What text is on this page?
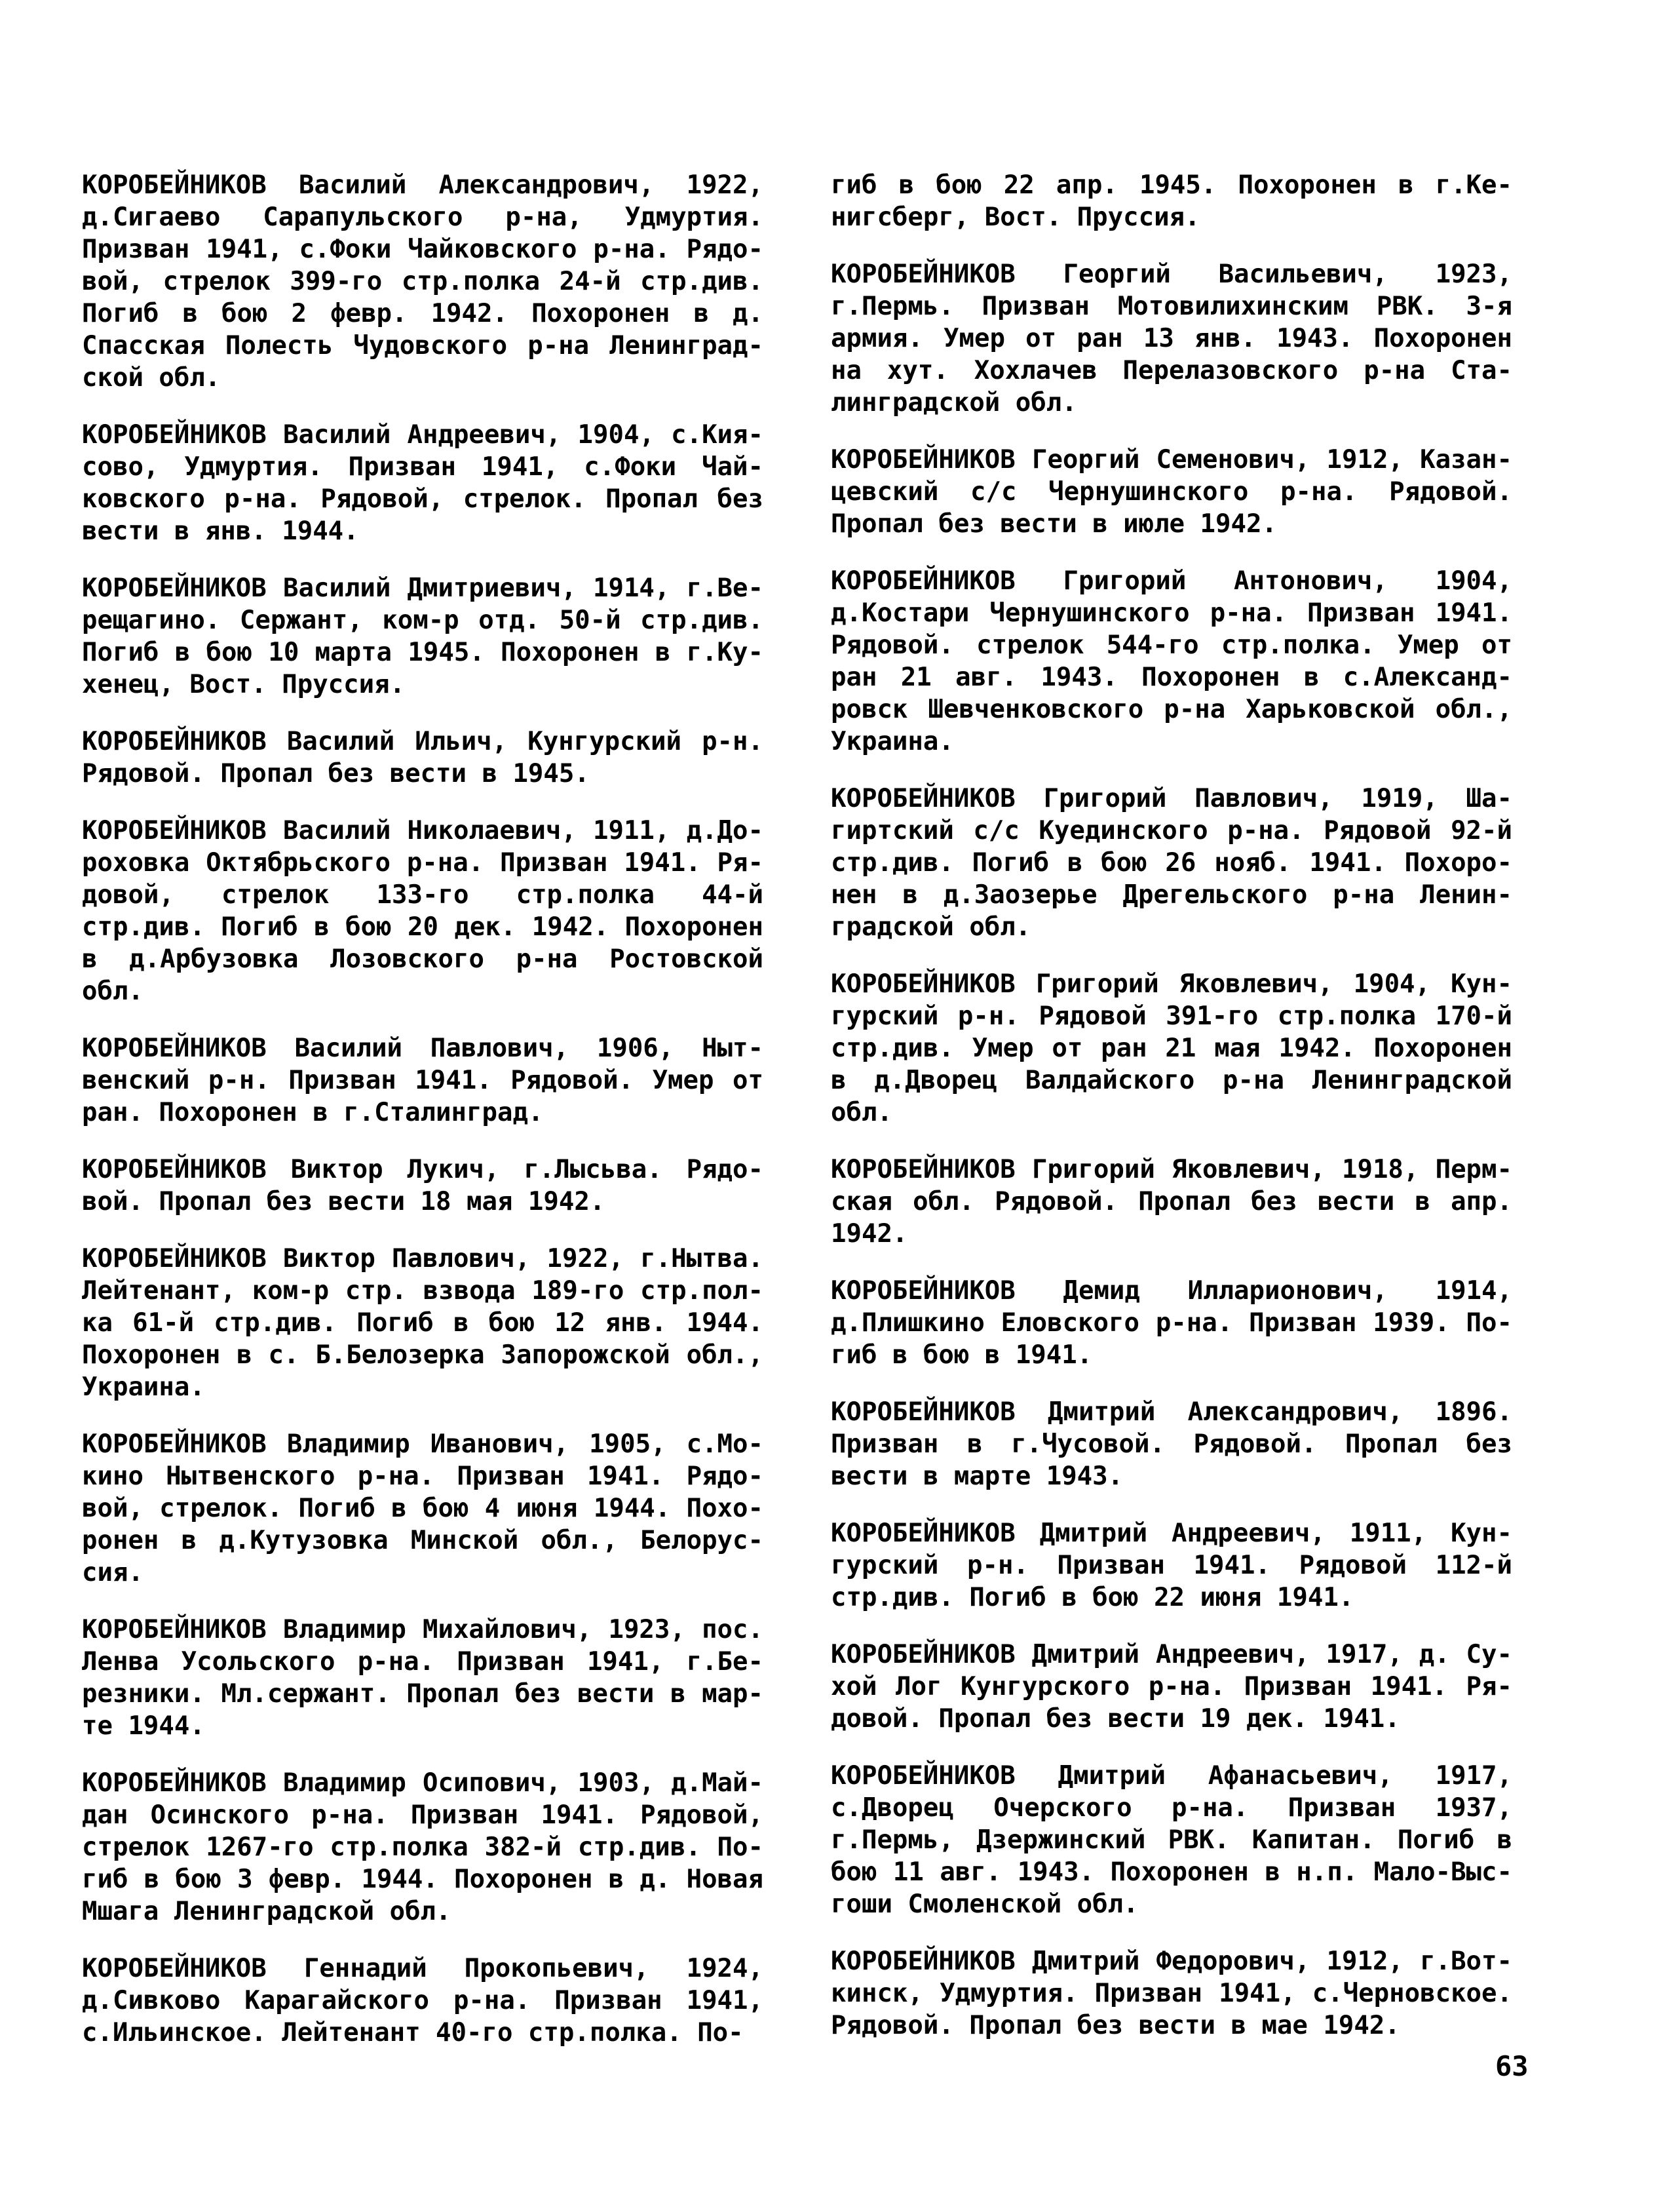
КОРОБЕЙНИКОВ Василий Александрович, 1922,
д.Сигаево Сарапульского р-на, Удмуртия.
Призван 1941, с.Фоки Чайковского р-на. Рядо-
вой, стрелок 399-го стр.полка 24-й стр.див.
Погиб в бою 2 февр. 1942. Похоронен в д.
Спасская Полесть Чудовского р-на Ленинград-
ской обл.
КОРОБЕЙНИКОВ Василий Андреевич, 1904, с.Кия-
сово, Удмуртия. Призван 1941, с.Фоки Чай-
ковского р-на. Рядовой, стрелок. Пропал без
вести в янв. 1944.
КОРОБЕЙНИКОВ Василий Дмитриевич, 1914, г.Ве-
рещагино. Сержант, ком-р отд. 50-й стр.див.
Погиб в бою 10 марта 1945. Похоронен в г.Ку-
хенец, Вост. Пруссия.
КОРОБЕЙНИКОВ Василий Ильич, Кунгурский р-н.
Рядовой. Пропал без вести в 1945.
КОРОБЕЙНИКОВ Василий Николаевич, 1911, д.До-
роховка Октябрьского р-на. Призван 1941. Ря-
довой, стрелок 133-го стр.полка 44-й
стр.див. Погиб в бою 20 дек. 1942. Похоронен
в д.Арбузовка Лозовского р-на Ростовской
обл.
КОРОБЕЙНИКОВ Василий Павлович, 1906, Ныт-
венский р-н. Призван 1941. Рядовой. Умер от
ран. Похоронен в г.Сталинград.
КОРОБЕЙНИКОВ Виктор Лукич, г.Лысьва. Рядо-
вой. Пропал без вести 18 мая 1942.
КОРОБЕЙНИКОВ Виктор Павлович, 1922, г.Нытва.
Лейтенант, ком-р стр. взвода 189-го стр.пол-
ка 61-й стр.див. Погиб в бою 12 янв. 1944.
Похоронен в с. Б.Белозерка Запорожской обл.,
Украина.
КОРОБЕЙНИКОВ Владимир Иванович, 1905, с.Мо-
кино Нытвенского р-на. Призван 1941. Рядо-
вой, стрелок. Погиб в бою 4 июня 1944. Похо-
ронен в д.Кутузовка Минской обл., Белорус-
сия.
КОРОБЕЙНИКОВ Владимир Михайлович, 1923, пос.
Ленва Усольского р-на. Призван 1941, г.Бе-
резники. Мл.сержант. Пропал без вести в мар-
те 1944.
КОРОБЕЙНИКОВ Владимир Осипович, 1903, д.Май-
дан Осинского р-на. Призван 1941. Рядовой,
стрелок 1267-го стр.полка 382-й стр.див. По-
гиб в бою 3 февр. 1944. Похоронен в д. Новая
Мшага Ленинградской обл.
КОРОБЕЙНИКОВ Геннадий Прокопьевич, 1924,
д.Сивково Карагайского р-на. Призван 1941,
с.Ильинское. Лейтенант 40-го стр.полка. По-
гиб в бою 22 апр. 1945. Похоронен в г.Ке-
нигсберг, Вост. Пруссия.
КОРОБЕЙНИКОВ Георгий Васильевич, 1923,
г.Пермь. Призван Мотовилихинским РВК. 3-я
армия. Умер от ран 13 янв. 1943. Похоронен
на хут. Хохлачев Перелазовского р-на Ста-
линградской обл.
КОРОБЕЙНИКОВ Георгий Семенович, 1912, Казан-
цевский с/с Чернушинского р-на. Рядовой.
Пропал без вести в июле 1942.
КОРОБЕЙНИКОВ Григорий Антонович, 1904,
д.Костари Чернушинского р-на. Призван 1941.
Рядовой. стрелок 544-го стр.полка. Умер от
ран 21 авг. 1943. Похоронен в с.Александ-
ровск Шевченковского р-на Харьковской обл.,
Украина.
КОРОБЕЙНИКОВ Григорий Павлович, 1919, Ша-
гиртский с/с Куединского р-на. Рядовой 92-й
стр.див. Погиб в бою 26 нояб. 1941. Похоро-
нен в д.Заозерье Дрегельского р-на Ленин-
градской обл.
КОРОБЕЙНИКОВ Григорий Яковлевич, 1904, Кун-
гурский р-н. Рядовой 391-го стр.полка 170-й
стр.див. Умер от ран 21 мая 1942. Похоронен
в д.Дворец Валдайского р-на Ленинградской
обл.
КОРОБЕЙНИКОВ Григорий Яковлевич, 1918, Перм-
ская обл. Рядовой. Пропал без вести в апр.
1942.
КОРОБЕЙНИКОВ Демид Илларионович, 1914,
д.Плишкино Еловского р-на. Призван 1939. По-
гиб в бою в 1941.
КОРОБЕЙНИКОВ Дмитрий Александрович, 1896.
Призван в г.Чусовой. Рядовой. Пропал без
вести в марте 1943.
КОРОБЕЙНИКОВ Дмитрий Андреевич, 1911, Кун-
гурский р-н. Призван 1941. Рядовой 112-й
стр.див. Погиб в бою 22 июня 1941.
КОРОБЕЙНИКОВ Дмитрий Андреевич, 1917, д. Су-
хой Лог Кунгурского р-на. Призван 1941. Ря-
довой. Пропал без вести 19 дек. 1941.
КОРОБЕЙНИКОВ Дмитрий Афанасьевич, 1917,
с.Дворец Очерского р-на. Призван 1937,
г.Пермь, Дзержинский РВК. Капитан. Погиб в
бою 11 авг. 1943. Похоронен в н.п. Мало-Выс-
гоши Смоленской обл.
КОРОБЕЙНИКОВ Дмитрий Федорович, 1912, г.Вот-
кинск, Удмуртия. Призван 1941, с.Черновское.
Рядовой. Пропал без вести в мае 1942.
63
